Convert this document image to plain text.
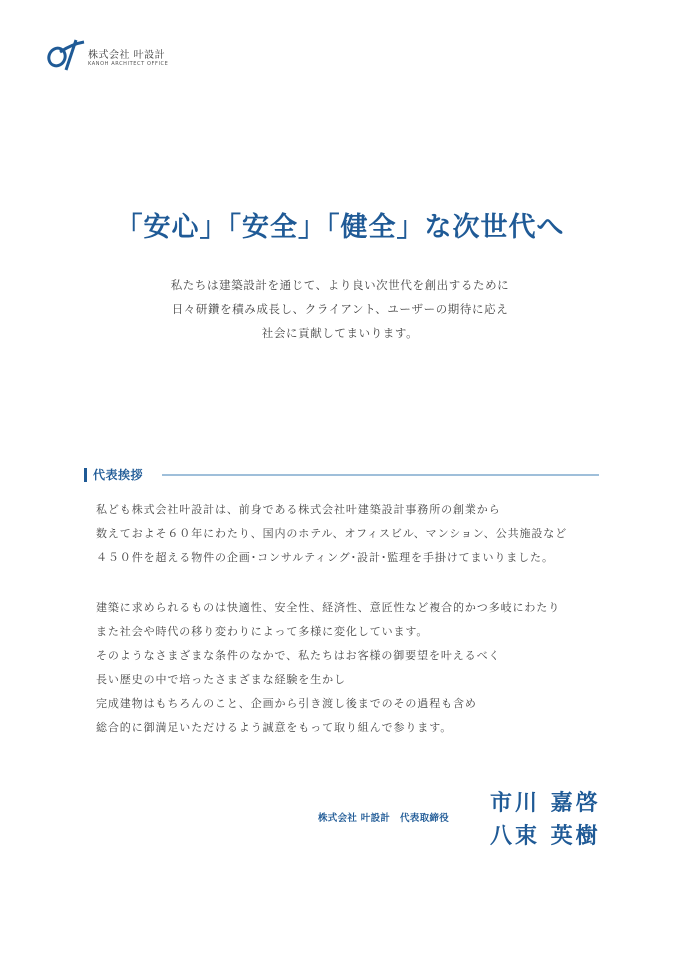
株式会社 叶設計
KANOH ARCHITECT OFFICE
「安心」「安全」「健全」な次世代へ
私たちは建築設計を通じて、より良い次世代を創出するために
日々研鑽を積み成長し、クライアント、ユーザーの期待に応え
社会に貢献してまいります。
代表挨拶
私ども株式会社叶設計は、前身である株式会社叶建築設計事務所の創業から
数えておよそ６０年にわたり、国内のホテル、オフィスビル、マンション、公共施設など
４５０件を超える物件の企画･コンサルティング･設計･監理を手掛けてまいりました。
建築に求められるものは快適性、安全性、経済性、意匠性など複合的かつ多岐にわたり
また社会や時代の移り変わりによって多様に変化しています。
そのようなさまざまな条件のなかで、私たちはお客様の御要望を叶えるべく
長い歴史の中で培ったさまざまな経験を生かし
完成建物はもちろんのこと、企画から引き渡し後までのその過程も含め
総合的に御満足いただけるよう誠意をもって取り組んで参ります。
株式会社 叶設計　代表取締役
市川 嘉啓
八束 英樹
